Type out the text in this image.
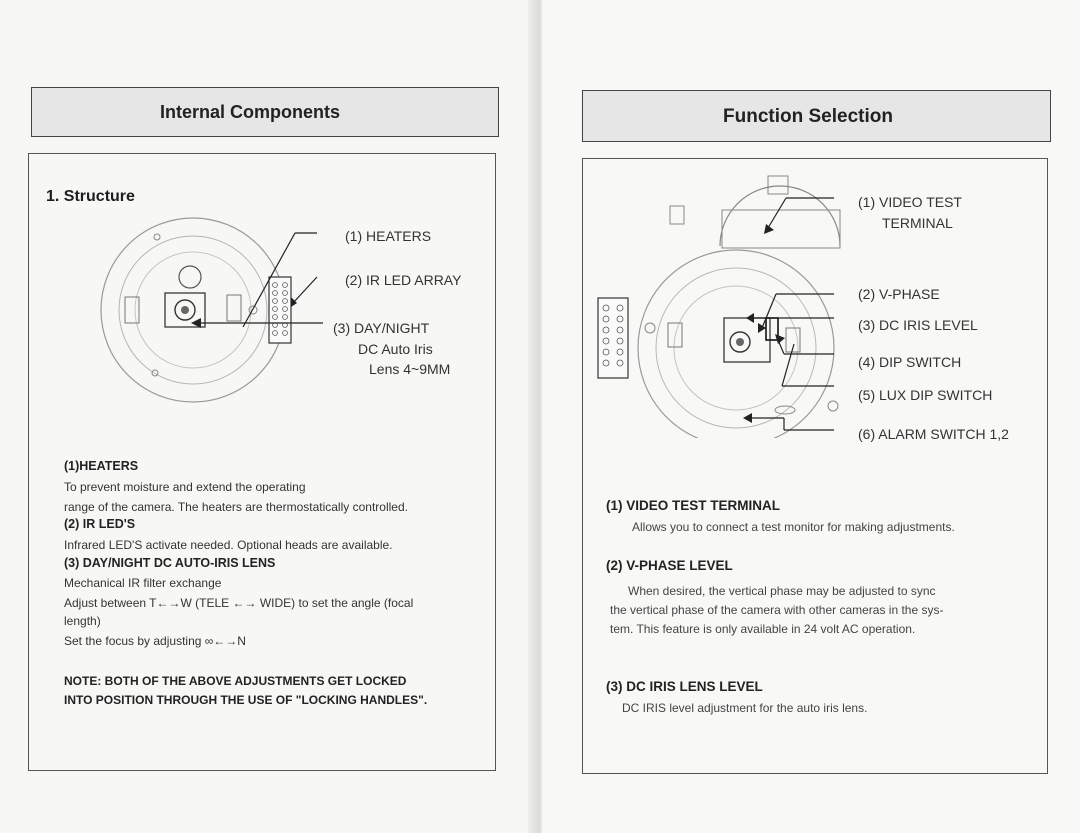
Internal Components
1. Structure
(1) HEATERS
(2) IR LED ARRAY
(3) DAY/NIGHT
DC Auto Iris
Lens 4~9MM
(1)HEATERS
To prevent moisture and extend the operating
range of the camera. The heaters are thermostatically controlled.
(2) IR LED'S
Infrared LED'S activate needed. Optional heads are available.
(3) DAY/NIGHT DC AUTO-IRIS LENS
Mechanical IR filter exchange
Adjust between T←→W (TELE ←→ WIDE) to set the angle (focal
length)
Set the focus by adjusting ∞←→N
NOTE: BOTH OF THE ABOVE ADJUSTMENTS GET LOCKED
INTO POSITION THROUGH THE USE OF "LOCKING HANDLES".
Function Selection
(1) VIDEO TEST
TERMINAL
(2) V-PHASE
(3) DC IRIS LEVEL
(4) DIP SWITCH
(5) LUX DIP SWITCH
(6) ALARM SWITCH 1,2
(1) VIDEO TEST TERMINAL
Allows you to connect a test monitor for making adjustments.
(2) V-PHASE LEVEL
When desired, the vertical phase may be adjusted to sync
the vertical phase of the camera with other cameras in the sys-
tem. This feature is only available in 24 volt AC operation.
(3) DC IRIS LENS LEVEL
DC IRIS level adjustment for the auto iris lens.
